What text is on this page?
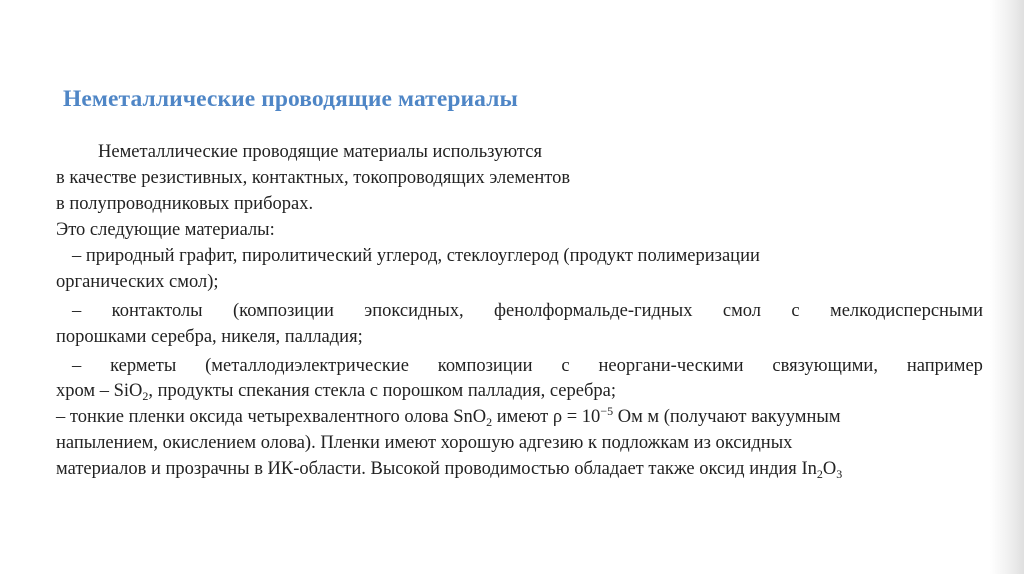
Неметаллические проводящие материалы
Неметаллические проводящие материалы используются
в качестве резистивных, контактных, токопроводящих элементов
в полупроводниковых приборах.
Это следующие материалы:
– природный графит, пиролитический углерод, стеклоуглерод (продукт полимеризации
органических смол);
– контактолы (композиции эпоксидных, фенолформальде-гидных смол с мелкодисперсными
порошками серебра, никеля, палладия;
– керметы (металлодиэлектрические композиции с неоргани-ческими связующими, например
хром – SiO$_2$, продукты спекания стекла с порошком палладия, серебра;
– тонкие пленки оксида четырехвалентного олова SnO$_2$ имеют $\rho = 10^{-5}$ Ом м (получают вакуумным
напылением, окислением олова). Пленки имеют хорошую адгезию к подложкам из оксидных
материалов и прозрачны в ИК-области. Высокой проводимостью обладает также оксид индия $In_2O_3$
